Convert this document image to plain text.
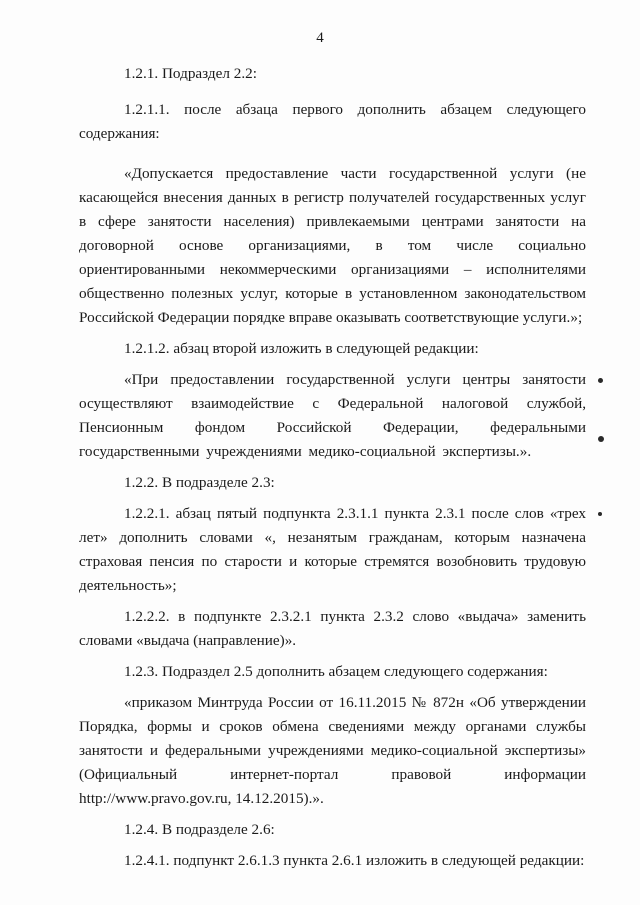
4

1.2.1. Подраздел 2.2:

1.2.1.1. после абзаца первого дополнить абзацем следующего содержания:

«Допускается предоставление части государственной услуги (не касающейся внесения данных в регистр получателей государственных услуг в сфере занятости населения) привлекаемыми центрами занятости на договорной основе организациями, в том числе социально ориентированными некоммерческими организациями – исполнителями общественно полезных услуг, которые в установленном законодательством Российской Федерации порядке вправе оказывать соответствующие услуги.»;

1.2.1.2. абзац второй изложить в следующей редакции:

«При предоставлении государственной услуги центры занятости осуществляют взаимодействие с Федеральной налоговой службой, Пенсионным фондом Российской Федерации, федеральными государственными учреждениями медико-социальной экспертизы.».

1.2.2. В подразделе 2.3:

1.2.2.1. абзац пятый подпункта 2.3.1.1 пункта 2.3.1 после слов «трех лет» дополнить словами «, незанятым гражданам, которым назначена страховая пенсия по старости и которые стремятся возобновить трудовую деятельность»;

1.2.2.2. в подпункте 2.3.2.1 пункта 2.3.2 слово «выдача» заменить словами «выдача (направление)».

1.2.3. Подраздел 2.5 дополнить абзацем следующего содержания:

«приказом Минтруда России от 16.11.2015 № 872н «Об утверждении Порядка, формы и сроков обмена сведениями между органами службы занятости и федеральными учреждениями медико-социальной экспертизы» (Официальный интернет-портал правовой информации http://www.pravo.gov.ru, 14.12.2015).».

1.2.4. В подразделе 2.6:

1.2.4.1. подпункт 2.6.1.3 пункта 2.6.1 изложить в следующей редакции:
